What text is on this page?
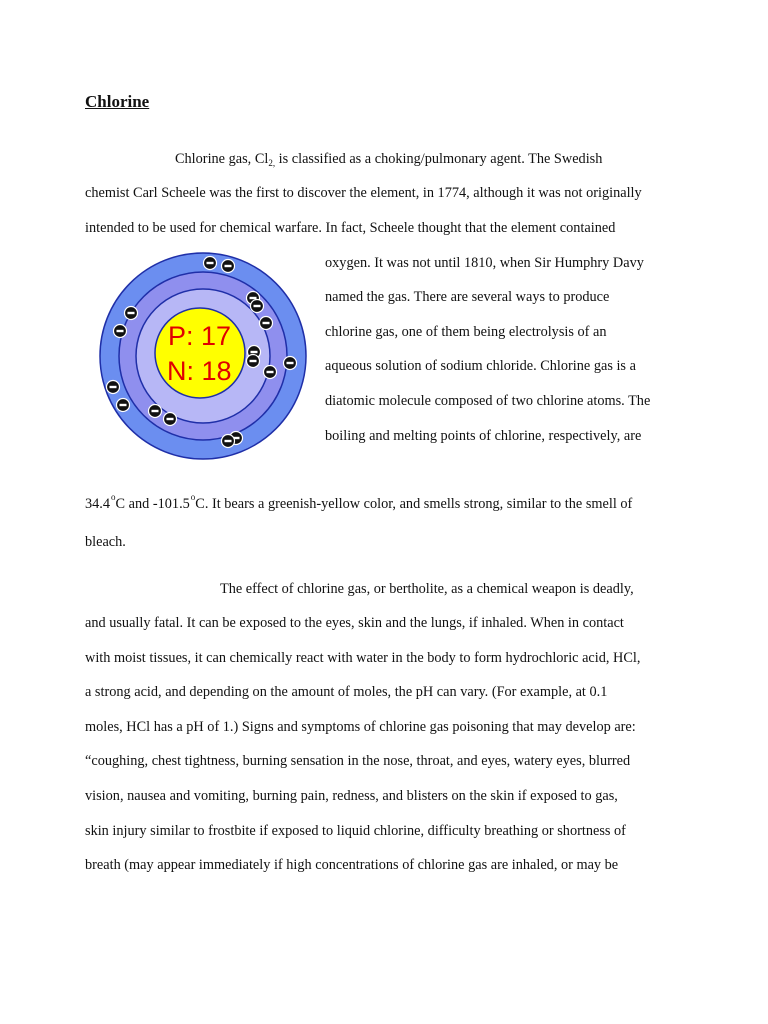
Chlorine
Chlorine gas, $Cl_{2,}$ is classified as a choking/pulmonary agent. The Swedish
chemist Carl Scheele was the first to discover the element, in 1774, although it was not originally
intended to be used for chemical warfare. In fact, Scheele thought that the element contained
oxygen. It was not until 1810, when Sir Humphry Davy
named the gas. There are several ways to produce
chlorine gas, one of them being electrolysis of an
aqueous solution of sodium chloride. Chlorine gas is a
diatomic molecule composed of two chlorine atoms. The
boiling and melting points of chlorine, respectively, are
34.4$^o$C and -101.5$^o$C. It bears a greenish-yellow color, and smells strong, similar to the smell of
bleach.
P: 17
N: 18
The effect of chlorine gas, or bertholite, as a chemical weapon is deadly,
and usually fatal. It can be exposed to the eyes, skin and the lungs, if inhaled. When in contact
with moist tissues, it can chemically react with water in the body to form hydrochloric acid, HCl,
a strong acid, and depending on the amount of moles, the pH can vary. (For example, at 0.1
moles, HCl has a pH of 1.) Signs and symptoms of chlorine gas poisoning that may develop are:
“coughing, chest tightness, burning sensation in the nose, throat, and eyes, watery eyes, blurred
vision, nausea and vomiting, burning pain, redness, and blisters on the skin if exposed to gas,
skin injury similar to frostbite if exposed to liquid chlorine, difficulty breathing or shortness of
breath (may appear immediately if high concentrations of chlorine gas are inhaled, or may be
